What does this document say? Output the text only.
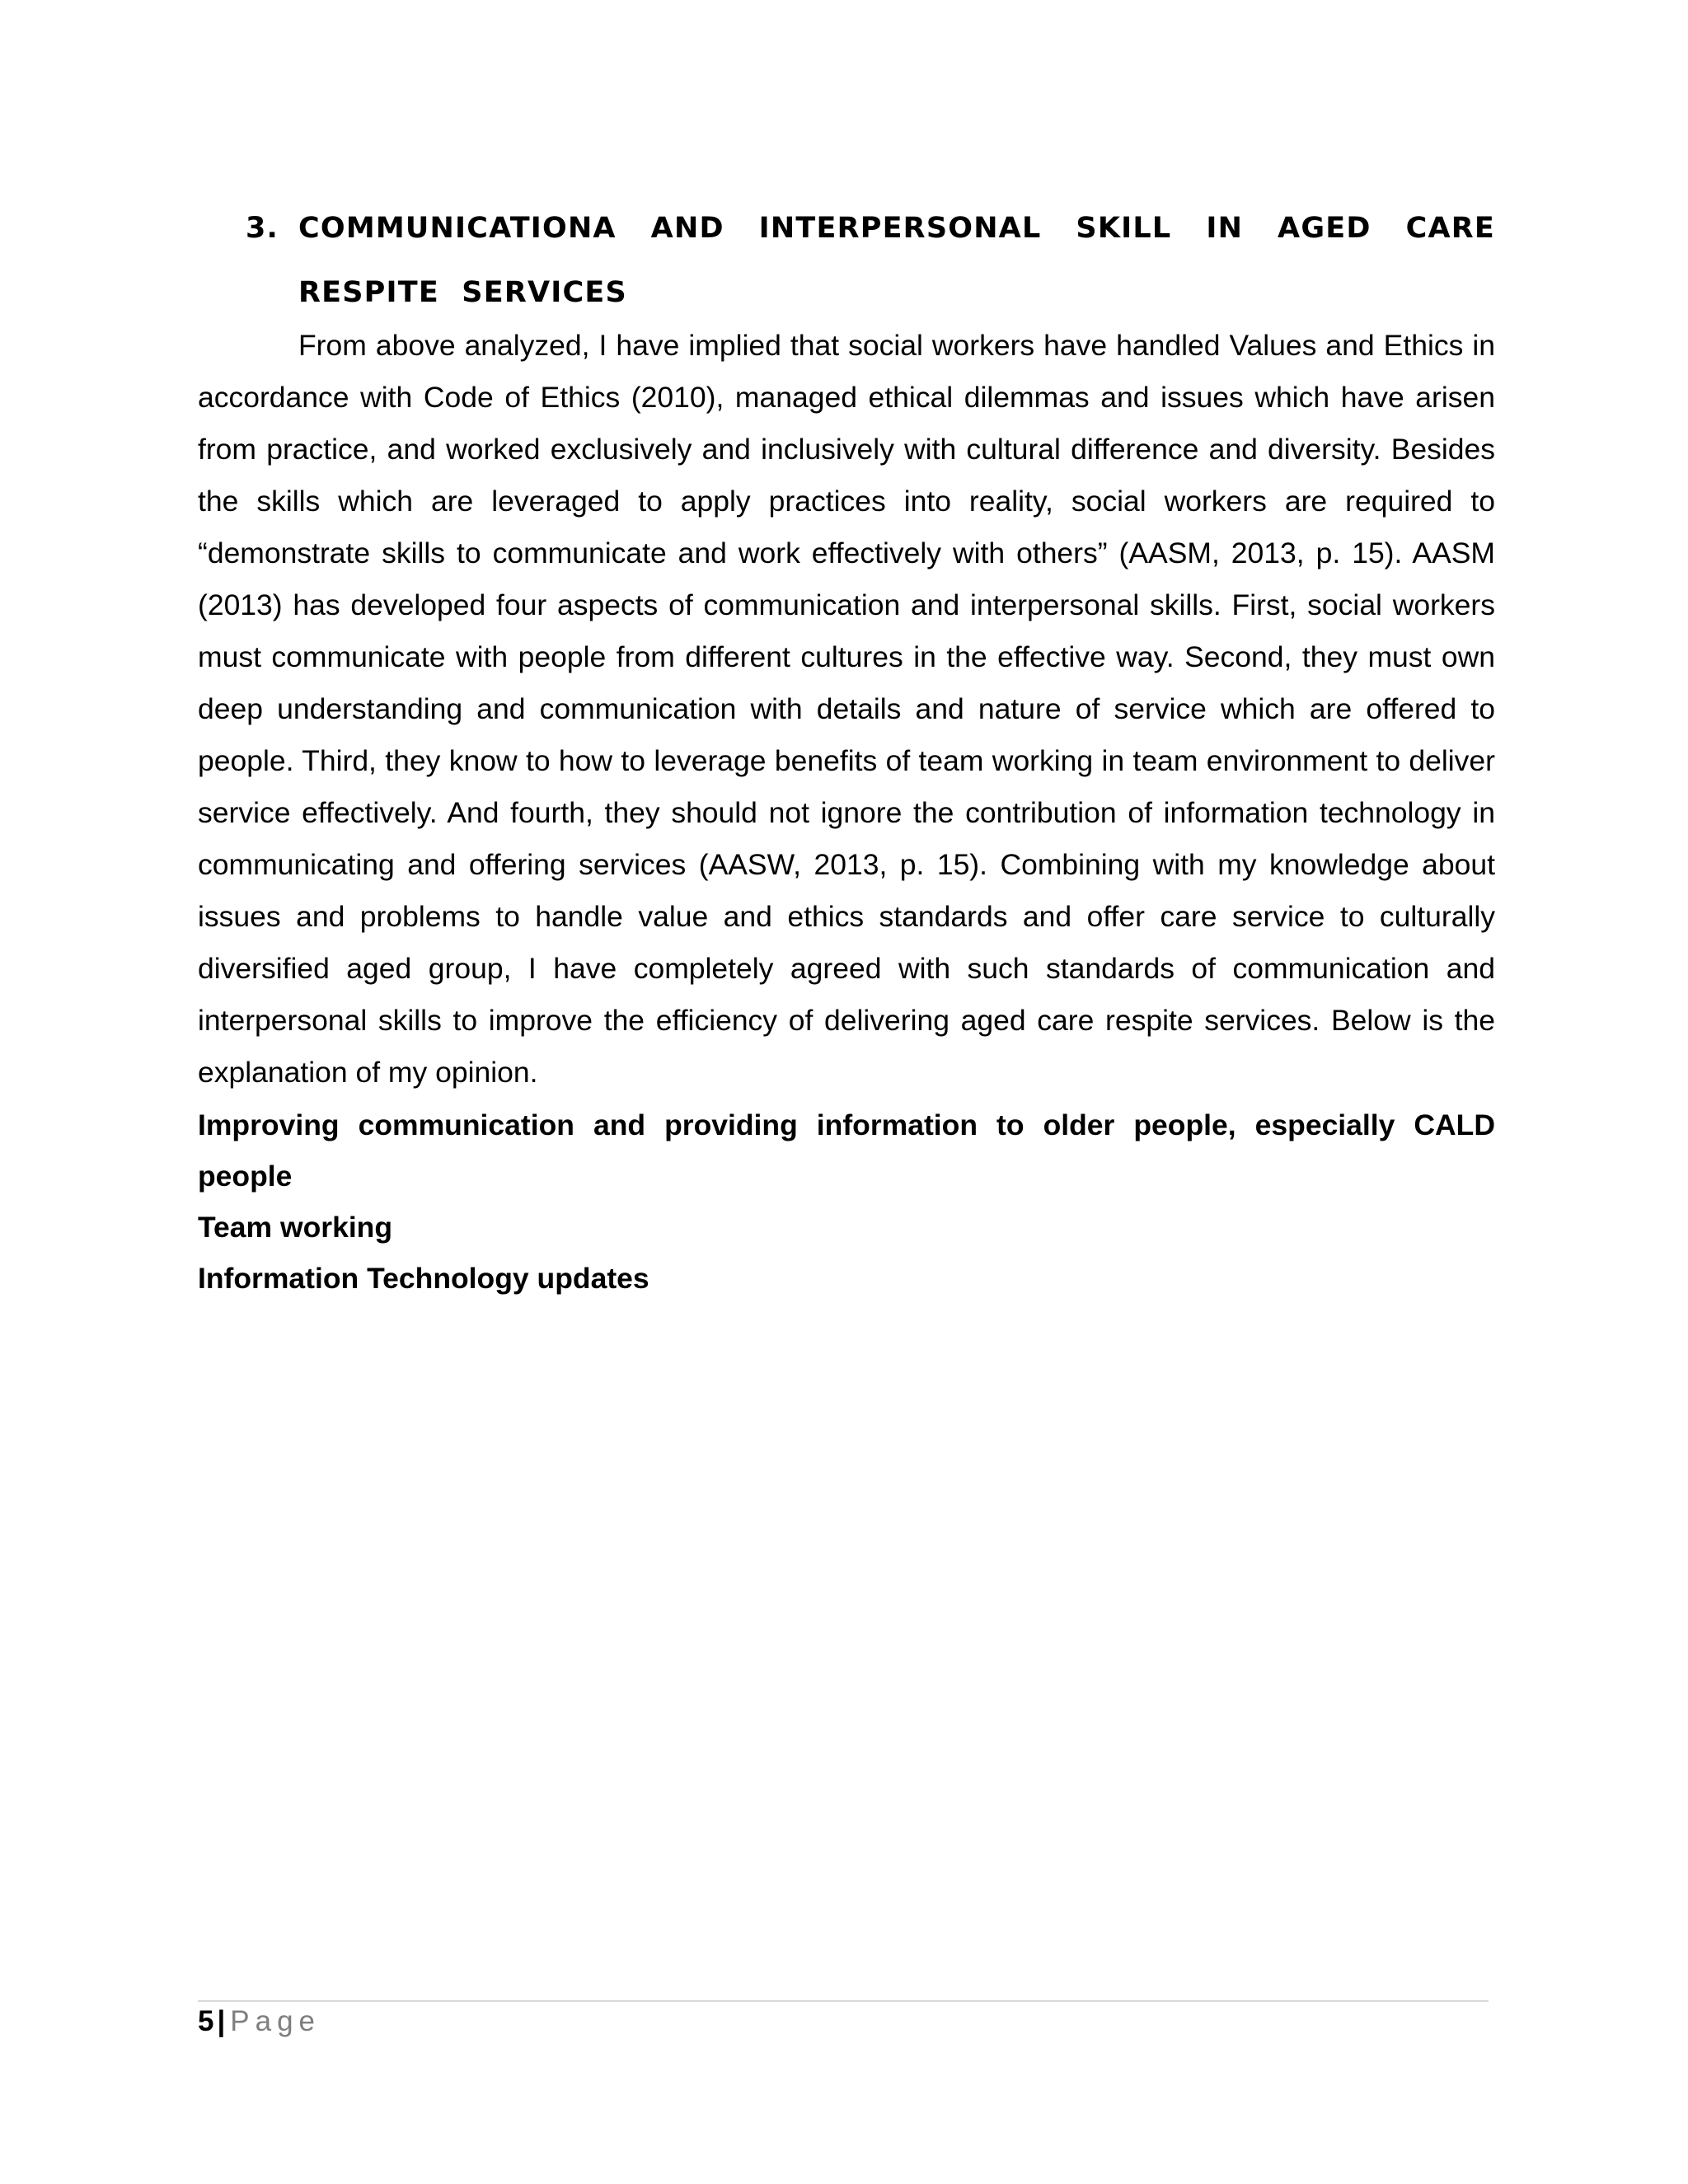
3. COMMUNICATIONA AND INTERPERSONAL SKILL IN AGED CARE RESPITE SERVICES

From above analyzed, I have implied that social workers have handled Values and Ethics in accordance with Code of Ethics (2010), managed ethical dilemmas and issues which have arisen from practice, and worked exclusively and inclusively with cultural difference and diversity. Besides the skills which are leveraged to apply practices into reality, social workers are required to “demonstrate skills to communicate and work effectively with others” (AASM, 2013, p. 15). AASM (2013) has developed four aspects of communication and interpersonal skills. First, social workers must communicate with people from different cultures in the effective way. Second, they must own deep understanding and communication with details and nature of service which are offered to people. Third, they know to how to leverage benefits of team working in team environment to deliver service effectively. And fourth, they should not ignore the contribution of information technology in communicating and offering services (AASW, 2013, p. 15). Combining with my knowledge about issues and problems to handle value and ethics standards and offer care service to culturally diversified aged group, I have completely agreed with such standards of communication and interpersonal skills to improve the efficiency of delivering aged care respite services. Below is the explanation of my opinion.

Improving communication and providing information to older people, especially CALD people
Team working
Information Technology updates
5 | Page
